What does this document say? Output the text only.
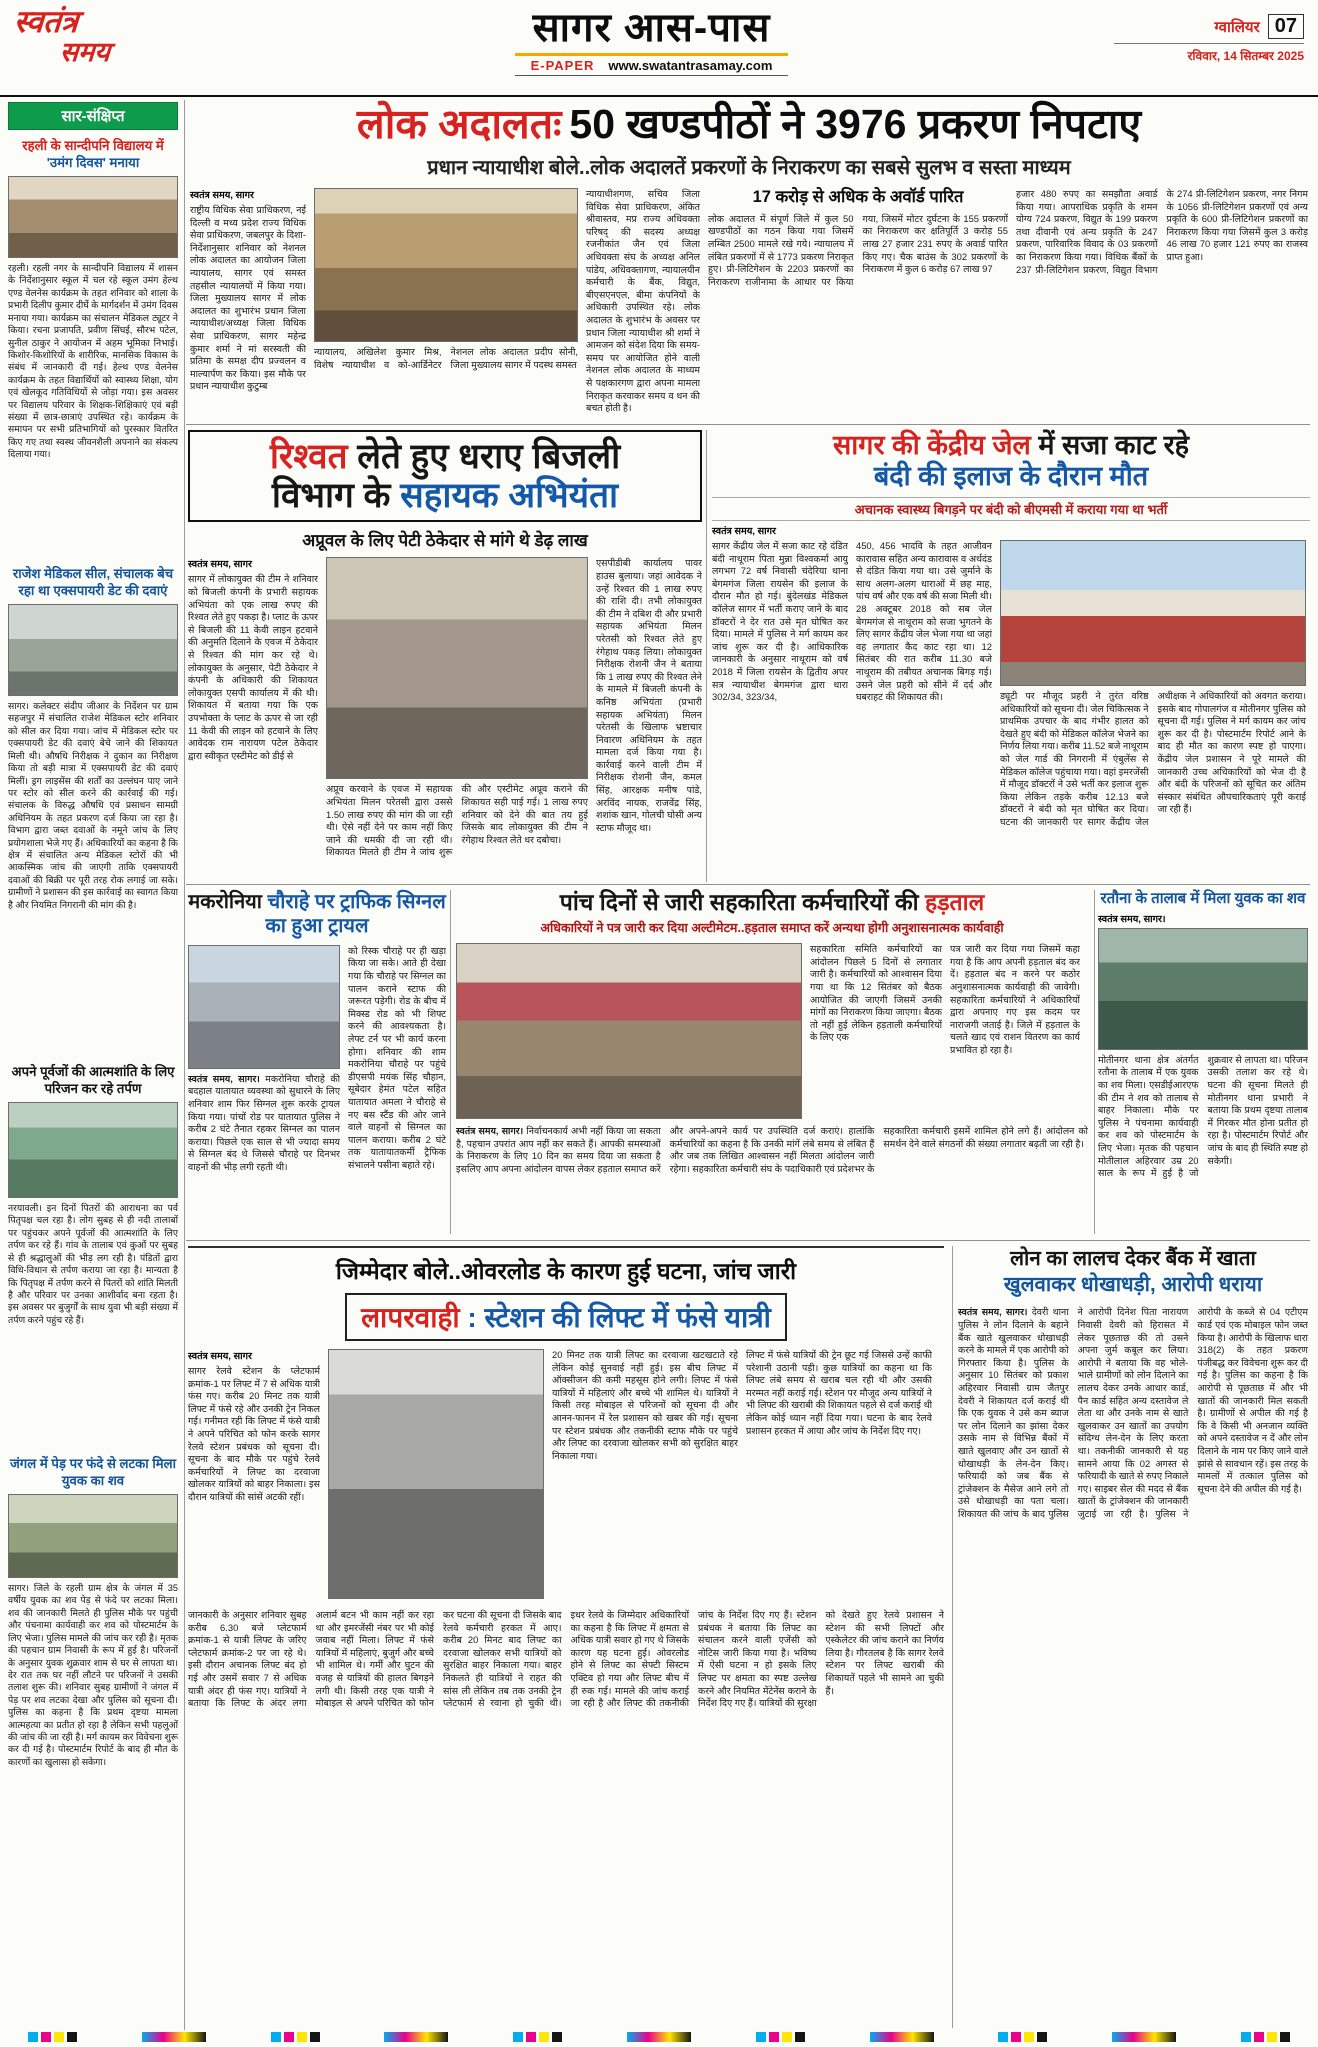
स्वतंत्र
समय
सागर आस-पास
E-PAPER www.swatantrasamay.com
ग्वालियर 07
रविवार, 14 सितम्बर 2025
सार-संक्षिप्त
रहली के सान्दीपनि विद्यालय में
'उमंग दिवस' मनाया
रहली। रहली नगर के सान्दीपनि विद्यालय में शासन के निर्देशानुसार स्कूल में चल रहे स्कूल उमंग हेल्थ एण्ड वेलनेस कार्यक्रम के तहत शनिवार को शाला के प्रभारी दिलीप कुमार दीर्घे के मार्गदर्शन में उमंग दिवस मनाया गया। कार्यक्रम का संचालन मेडिकल ट्यूटर ने किया। रचना प्रजापति, प्रवीण सिंघई, सौरभ पटेल, सुनील ठाकुर ने आयोजन में अहम भूमिका निभाई। किशोर-किशोरियों के शारीरिक, मानसिक विकास के संबंध में जानकारी दी गई। हेल्थ एण्ड वेलनेस कार्यक्रम के तहत विद्यार्थियों को स्वास्थ्य शिक्षा, योग एवं खेलकूद गतिविधियों से जोड़ा गया। इस अवसर पर विद्यालय परिवार के शिक्षक-शिक्षिकाएं एवं बड़ी संख्या में छात्र-छात्राएं उपस्थित रहे। कार्यक्रम के समापन पर सभी प्रतिभागियों को पुरस्कार वितरित किए गए तथा स्वस्थ जीवनशैली अपनाने का संकल्प दिलाया गया।
राजेश मेडिकल सील, संचालक बेच रहा था एक्सपायरी डेट की दवाएं
सागर। कलेक्टर संदीप जीआर के निर्देशन पर ग्राम सहजपुर में संचालित राजेश मेडिकल स्टोर शनिवार को सील कर दिया गया। जांच में मेडिकल स्टोर पर एक्सपायरी डेट की दवाएं बेचे जाने की शिकायत मिली थी। औषधि निरीक्षक ने दुकान का निरीक्षण किया तो बड़ी मात्रा में एक्सपायरी डेट की दवाएं मिलीं। ड्रग लाइसेंस की शर्तों का उल्लंघन पाए जाने पर स्टोर को सील करने की कार्रवाई की गई। संचालक के विरुद्ध औषधि एवं प्रसाधन सामग्री अधिनियम के तहत प्रकरण दर्ज किया जा रहा है। विभाग द्वारा जब्त दवाओं के नमूने जांच के लिए प्रयोगशाला भेजे गए हैं। अधिकारियों का कहना है कि क्षेत्र में संचालित अन्य मेडिकल स्टोरों की भी आकस्मिक जांच की जाएगी ताकि एक्सपायरी दवाओं की बिक्री पर पूरी तरह रोक लगाई जा सके। ग्रामीणों ने प्रशासन की इस कार्रवाई का स्वागत किया है और नियमित निगरानी की मांग की है।
अपने पूर्वजों की आत्मशांति के लिए परिजन कर रहे तर्पण
नरयावली। इन दिनों पितरों की आराधना का पर्व पितृपक्ष चल रहा है। लोग सुबह से ही नदी तालाबों पर पहुंचकर अपने पूर्वजों की आत्मशांति के लिए तर्पण कर रहे हैं। गांव के तालाब एवं कुओं पर सुबह से ही श्रद्धालुओं की भीड़ लग रही है। पंडितों द्वारा विधि-विधान से तर्पण कराया जा रहा है। मान्यता है कि पितृपक्ष में तर्पण करने से पितरों को शांति मिलती है और परिवार पर उनका आशीर्वाद बना रहता है। इस अवसर पर बुजुर्गों के साथ युवा भी बड़ी संख्या में तर्पण करने पहुंच रहे हैं।
जंगल में पेड़ पर फंदे से लटका मिला युवक का शव
सागर। जिले के रहली ग्राम क्षेत्र के जंगल में 35 वर्षीय युवक का शव पेड़ से फंदे पर लटका मिला। शव की जानकारी मिलते ही पुलिस मौके पर पहुंची और पंचनामा कार्यवाही कर शव को पोस्टमार्टम के लिए भेजा। पुलिस मामले की जांच कर रही है। मृतक की पहचान ग्राम निवासी के रूप में हुई है। परिजनों के अनुसार युवक शुक्रवार शाम से घर से लापता था। देर रात तक घर नहीं लौटने पर परिजनों ने उसकी तलाश शुरू की। शनिवार सुबह ग्रामीणों ने जंगल में पेड़ पर शव लटका देखा और पुलिस को सूचना दी। पुलिस का कहना है कि प्रथम दृष्टया मामला आत्महत्या का प्रतीत हो रहा है लेकिन सभी पहलुओं की जांच की जा रही है। मर्ग कायम कर विवेचना शुरू कर दी गई है। पोस्टमार्टम रिपोर्ट के बाद ही मौत के कारणों का खुलासा हो सकेगा।
लोक अदालतः 50 खण्डपीठों ने 3976 प्रकरण निपटाए
प्रधान न्यायाधीश बोले..लोक अदालतें प्रकरणों के निराकरण का सबसे सुलभ व सस्ता माध्यम
स्वतंत्र समय, सागर
राष्ट्रीय विधिक सेवा प्राधिकरण, नई दिल्ली व मध्य प्रदेश राज्य विधिक सेवा प्राधिकरण, जबलपुर के दिशा-निर्देशानुसार शनिवार को नेशनल लोक अदालत का आयोजन जिला न्यायालय, सागर एवं समस्त तहसील न्यायालयों में किया गया। जिला मुख्यालय सागर में लोक अदालत का शुभारंभ प्रधान जिला न्यायाधीश/अध्यक्ष जिला विधिक सेवा प्राधिकरण, सागर महेन्द्र कुमार शर्मा ने मां सरस्वती की प्रतिमा के समक्ष दीप प्रज्वलन व माल्यार्पण कर किया। इस मौके पर प्रधान न्यायाधीश कुटुम्ब
न्यायालय, अखिलेश कुमार मिश्र, विशेष न्यायाधीश व को-आर्डिनेटर नेशनल लोक अदालत प्रदीप सोनी, जिला मुख्यालय सागर में पदस्थ समस्त
न्यायाधीशगण, सचिव जिला विधिक सेवा प्राधिकरण, अंकित श्रीवास्तव, मप्र राज्य अधिवक्ता परिषद् की सदस्य अध्यक्ष रजनीकांत जैन एवं जिला अधिवक्ता संघ के अध्यक्ष अनिल पांडेय, अधिवक्तागण, न्यायालयीन कर्मचारी के बैंक, विद्युत, बीएसएनएल, बीमा कंपनियों के अधिकारी उपस्थित रहे। लोक अदालत के शुभारंभ के अवसर पर प्रधान जिला न्यायाधीश श्री शर्मा ने आमजन को संदेश दिया कि समय-समय पर आयोजित होने वाली नेशनल लोक अदालत के माध्यम से पक्षकारगण द्वारा अपना मामला निराकृत करवाकर समय व धन की बचत होती है।
17 करोड़ से अधिक के अवॉर्ड पारित
लोक अदालत में संपूर्ण जिले में कुल 50 खण्डपीठों का गठन किया गया जिसमें लम्बित 2500 मामले रखे गये। न्यायालय में लंबित प्रकरणों में से 1773 प्रकरण निराकृत हुए। प्री-लिटिगेशन के 2203 प्रकरणों का निराकरण राजीनामा के आधार पर किया गया, जिसमें मोटर दुर्घटना के 155 प्रकरणों का निराकरण कर क्षतिपूर्ति 3 करोड़ 55 लाख 27 हजार 231 रुपए के अवार्ड पारित किए गए। चैक बाउंस के 302 प्रकरणों के निराकरण में कुल 6 करोड़ 67 लाख 97
हजार 480 रुपए का समझौता अवार्ड किया गया। आपराधिक प्रकृति के शमन योग्य 724 प्रकरण, विद्युत के 199 प्रकरण तथा दीवानी एवं अन्य प्रकृति के 247 प्रकरण, पारिवारिक विवाद के 03 प्रकरणों का निराकरण किया गया। विधिक बैंकों के 237 प्री-लिटिगेशन प्रकरण, विद्युत विभाग के 274 प्री-लिटिगेशन प्रकरण, नगर निगम के 1056 प्री-लिटिगेशन प्रकरणों एवं अन्य प्रकृति के 600 प्री-लिटिगेशन प्रकरणों का निराकरण किया गया जिसमें कुल 3 करोड़ 46 लाख 70 हजार 121 रुपए का राजस्व प्राप्त हुआ।
रिश्वत लेते हुए धराए बिजली
विभाग के सहायक अभियंता
अप्रूवल के लिए पेटी ठेकेदार से मांगे थे डेढ़ लाख
स्वतंत्र समय, सागर
सागर में लोकायुक्त की टीम ने शनिवार को बिजली कंपनी के प्रभारी सहायक अभियंता को एक लाख रुपए की रिश्वत लेते हुए पकड़ा है। प्लाट के ऊपर से बिजली की 11 केवी लाइन हटवाने की अनुमति दिलाने के एवज में ठेकेदार से रिश्वत की मांग कर रहे थे। लोकायुक्त के अनुसार, पेटी ठेकेदार ने कंपनी के अधिकारी की शिकायत लोकायुक्त एसपी कार्यालय में की थी। शिकायत में बताया गया कि एक उपभोक्ता के प्लाट के ऊपर से जा रही 11 केवी की लाइन को हटवाने के लिए आवेदक राम नारायण पटेल ठेकेदार द्वारा स्वीकृत एस्टीमेट को डीई से
अप्रूव करवाने के एवज में सहायक अभियंता मिलन परेतसी द्वारा उससे 1.50 लाख रुपए की मांग की जा रही थी। ऐसे नहीं देने पर काम नहीं किए जाने की धमकी दी जा रही थी। शिकायत मिलते ही टीम ने जांच शुरू की और एस्टीमेट अप्रूव कराने की शिकायत सही पाई गई। 1 लाख रुपए शनिवार को देने की बात तय हुई जिसके बाद लोकायुक्त की टीम ने रंगेहाथ रिश्वत लेते धर दबोचा।
एसपीडीबी कार्यालय पावर हाउस बुलाया। जहां आवेदक ने उन्हें रिश्वत की 1 लाख रुपए की राशि दी। तभी लोकायुक्त की टीम ने दबिश दी और प्रभारी सहायक अभियंता मिलन परेतसी को रिश्वत लेते हुए रंगेहाथ पकड़ लिया। लोकायुक्त निरीक्षक रोशनी जैन ने बताया कि 1 लाख रुपए की रिश्वत लेने के मामले में बिजली कंपनी के कनिष्ठ अभियंता (प्रभारी सहायक अभियंता) मिलन परेतसी के खिलाफ भ्रष्टाचार निवारण अधिनियम के तहत मामला दर्ज किया गया है। कार्रवाई करने वाली टीम में निरीक्षक रोशनी जैन, कमल सिंह, आरक्षक मनीष पांडे, अरविंद नायक, राजवेंद्र सिंह, शशांक खान, गोलची घोसी अन्य स्टाफ मौजूद था।
सागर की केंद्रीय जेल में सजा काट रहे
बंदी की इलाज के दौरान मौत
अचानक स्वास्थ्य बिगड़ने पर बंदी को बीएमसी में कराया गया था भर्ती
स्वतंत्र समय, सागर
सागर केंद्रीय जेल में सजा काट रहे दंडित बंदी नाथूराम पिता मुन्ना विश्वकर्मा आयु लगभग 72 वर्ष निवासी चंदेरिया थाना बेगमगंज जिला रायसेन की इलाज के दौरान मौत हो गई। बुंदेलखंड मेडिकल कॉलेज सागर में भर्ती कराए जाने के बाद डॉक्टरों ने देर रात उसे मृत घोषित कर दिया। मामले में पुलिस ने मर्ग कायम कर जांच शुरू कर दी है। आधिकारिक जानकारी के अनुसार नाथूराम को वर्ष 2018 में जिला रायसेन के द्वितीय अपर सत्र न्यायाधीश बेगमगंज द्वारा धारा 302/34, 323/34,
450, 456 भादवि के तहत आजीवन कारावास सहित अन्य कारावास व अर्थदंड से दंडित किया गया था। उसे जुर्माने के साथ अलग-अलग धाराओं में छह माह, पांच वर्ष और एक वर्ष की सजा मिली थी। 28 अक्टूबर 2018 को सब जेल बेगमगंज से नाथूराम को सजा भुगतने के लिए सागर केंद्रीय जेल भेजा गया था जहां वह लगातार कैद काट रहा था। 12 सितंबर की रात करीब 11.30 बजे नाथूराम की तबीयत अचानक बिगड़ गई। उसने जेल प्रहरी को सीने में दर्द और घबराहट की शिकायत की।	ड्यूटी पर मौजूद प्रहरी ने तुरंत वरिष्ठ अधिकारियों को सूचना दी। जेल चिकित्सक ने प्राथमिक उपचार के बाद गंभीर हालत को देखते हुए बंदी को मेडिकल कॉलेज भेजने का निर्णय लिया गया। करीब 11.52 बजे नाथूराम को जेल गार्ड की निगरानी में एंबुलेंस से मेडिकल कॉलेज पहुंचाया गया। वहां इमरजेंसी में मौजूद डॉक्टरों ने उसे भर्ती कर इलाज शुरू किया लेकिन तड़के करीब 12.13 बजे डॉक्टरों ने बंदी को मृत घोषित कर दिया। घटना की जानकारी पर सागर केंद्रीय जेल अधीक्षक ने अधिकारियों को अवगत कराया। इसके बाद गोपालगंज व मोतीनगर पुलिस को सूचना दी गई। पुलिस ने मर्ग कायम कर जांच शुरू कर दी है। पोस्टमार्टम रिपोर्ट आने के बाद ही मौत का कारण स्पष्ट हो पाएगा। केंद्रीय जेल प्रशासन ने पूरे मामले की जानकारी उच्च अधिकारियों को भेज दी है और बंदी के परिजनों को सूचित कर अंतिम संस्कार संबंधित औपचारिकताएं पूरी कराई जा रही हैं।
मकरोनिया चौराहे पर ट्राफिक सिग्नल का हुआ ट्रायल
स्वतंत्र समय, सागर। मकरोनिया चौराहे की बदहाल यातायात व्यवस्था को सुधारने के लिए शनिवार शाम फिर सिग्नल शुरू करके ट्रायल किया गया। पांचों रोड पर यातायात पुलिस ने करीब 2 घंटे तैनात रहकर सिग्नल का पालन कराया। पिछले एक साल से भी ज्यादा समय से सिग्नल बंद थे जिससे चौराहे पर दिनभर वाहनों की भीड़ लगी रहती थी।
को रिस्क चौराहे पर ही खड़ा किया जा सके। आते ही देखा गया कि चौराहे पर सिग्नल का पालन कराने स्टाफ की जरूरत पड़ेगी। रोड के बीच में मिक्स्ड रोड को भी शिफ्ट करने की आवश्यकता है। लेफ्ट टर्न पर भी कार्य करना होगा। शनिवार की शाम मकरोनिया चौराहे पर पहुंचे डीएसपी मयंक सिंह चौहान, सूबेदार हेमंत पटेल सहित यातायात अमला ने चौराहे से नए बस स्टैंड की ओर जाने वाले वाहनों से सिग्नल का पालन कराया। करीब 2 घंटे तक यातायातकर्मी ट्रैफिक संभालने पसीना बहाते रहे।
पांच दिनों से जारी सहकारिता कर्मचारियों की हड़ताल
अधिकारियों ने पत्र जारी कर दिया अल्टीमेटम..हड़ताल समाप्त करें अन्यथा होगी अनुशासनात्मक कार्यवाही
सहकारिता समिति कर्मचारियों का आंदोलन पिछले 5 दिनों से लगातार जारी है। कर्मचारियों को आश्वासन दिया गया था कि 12 सितंबर को बैठक आयोजित की जाएगी जिसमें उनकी मांगों का निराकरण किया जाएगा। बैठक तो नहीं हुई लेकिन हड़ताली कर्मचारियों के लिए एक
पत्र जारी कर दिया गया जिसमें कहा गया है कि आप अपनी हड़ताल बंद कर दें। हड़ताल बंद न करने पर कठोर अनुशासनात्मक कार्यवाही की जावेगी। सहकारिता कर्मचारियों ने अधिकारियों द्वारा अपनाए गए इस कदम पर नाराजगी जताई है। जिले में हड़ताल के चलते खाद एवं राशन वितरण का कार्य प्रभावित हो रहा है।
स्वतंत्र समय, सागर। निर्वाचनकार्य अभी नहीं किया जा सकता है, पहचान उपरांत आप नहीं कर सकते हैं। आपकी समस्याओं के निराकरण के लिए 10 दिन का समय दिया जा सकता है इसलिए आप अपना आंदोलन वापस लेकर हड़ताल समाप्त करें और अपने-अपने कार्य पर उपस्थिति दर्ज कराएं। हालांकि कर्मचारियों का कहना है कि उनकी मांगें लंबे समय से लंबित हैं और जब तक लिखित आश्वासन नहीं मिलता आंदोलन जारी रहेगा। सहकारिता कर्मचारी संघ के पदाधिकारी एवं प्रदेशभर के सहकारिता कर्मचारी इसमें शामिल होने लगे हैं। आंदोलन को समर्थन देने वाले संगठनों की संख्या लगातार बढ़ती जा रही है।
रतौना के तालाब में मिला युवक का शव
स्वतंत्र समय, सागर।
मोतीनगर थाना क्षेत्र अंतर्गत रतौना के तालाब में एक युवक का शव मिला। एसडीईआरएफ की टीम ने शव को तालाब से बाहर निकाला। मौके पर पुलिस ने पंचनामा कार्यवाही कर शव को पोस्टमार्टम के लिए भेजा। मृतक की पहचान मोतीलाल अहिरवार उम्र 20 साल के रूप में हुई है जो शुक्रवार से लापता था। परिजन उसकी तलाश कर रहे थे। घटना की सूचना मिलते ही मोतीनगर थाना प्रभारी ने बताया कि प्रथम दृष्टया तालाब में गिरकर मौत होना प्रतीत हो रहा है। पोस्टमार्टम रिपोर्ट और जांच के बाद ही स्थिति स्पष्ट हो सकेगी।
जिम्मेदार बोले..ओवरलोड के कारण हुई घटना, जांच जारी
लापरवाही : स्टेशन की लिफ्ट में फंसे यात्री
स्वतंत्र समय, सागर
सागर रेलवे स्टेशन के प्लेटफार्म क्रमांक-1 पर लिफ्ट में 7 से अधिक यात्री फंस गए। करीब 20 मिनट तक यात्री लिफ्ट में फंसे रहे और उनकी ट्रेन निकल गई। गनीमत रही कि लिफ्ट में फंसे यात्री ने अपने परिचित को फोन करके सागर रेलवे स्टेशन प्रबंधक को सूचना दी। सूचना के बाद मौके पर पहुंचे रेलवे कर्मचारियों ने लिफ्ट का दरवाजा खोलकर यात्रियों को बाहर निकाला। इस दौरान यात्रियों की सांसें अटकी रहीं।
20 मिनट तक यात्री लिफ्ट का दरवाजा खटखटाते रहे लेकिन कोई सुनवाई नहीं हुई। इस बीच लिफ्ट में ऑक्सीजन की कमी महसूस होने लगी। लिफ्ट में फंसे यात्रियों में महिलाएं और बच्चे भी शामिल थे। यात्रियों ने किसी तरह मोबाइल से परिजनों को सूचना दी और आनन-फानन में रेल प्रशासन को खबर की गई। सूचना पर स्टेशन प्रबंधक और तकनीकी स्टाफ मौके पर पहुंचे और लिफ्ट का दरवाजा खोलकर सभी को सुरक्षित बाहर निकाला गया।
लिफ्ट में फंसे यात्रियों की ट्रेन छूट गई जिससे उन्हें काफी परेशानी उठानी पड़ी। कुछ यात्रियों का कहना था कि लिफ्ट लंबे समय से खराब चल रही थी और उसकी मरम्मत नहीं कराई गई। स्टेशन पर मौजूद अन्य यात्रियों ने भी लिफ्ट की खराबी की शिकायत पहले से दर्ज कराई थी लेकिन कोई ध्यान नहीं दिया गया। घटना के बाद रेलवे प्रशासन हरकत में आया और जांच के निर्देश दिए गए।
जानकारी के अनुसार शनिवार सुबह करीब 6.30 बजे प्लेटफार्म क्रमांक-1 से यात्री लिफ्ट के जरिए प्लेटफार्म क्रमांक-2 पर जा रहे थे। इसी दौरान अचानक लिफ्ट बंद हो गई और उसमें सवार 7 से अधिक यात्री अंदर ही फंस गए। यात्रियों ने बताया कि लिफ्ट के अंदर लगा अलार्म बटन भी काम नहीं कर रहा था और इमरजेंसी नंबर पर भी कोई जवाब नहीं मिला। लिफ्ट में फंसे यात्रियों में महिलाएं, बुजुर्ग और बच्चे भी शामिल थे। गर्मी और घुटन की वजह से यात्रियों की हालत बिगड़ने लगी थी। किसी तरह एक यात्री ने मोबाइल से अपने परिचित को फोन कर घटना की सूचना दी जिसके बाद रेलवे कर्मचारी हरकत में आए। करीब 20 मिनट बाद लिफ्ट का दरवाजा खोलकर सभी यात्रियों को सुरक्षित बाहर निकाला गया। बाहर निकलते ही यात्रियों ने राहत की सांस ली लेकिन तब तक उनकी ट्रेन प्लेटफार्म से रवाना हो चुकी थी। इधर रेलवे के जिम्मेदार अधिकारियों का कहना है कि लिफ्ट में क्षमता से अधिक यात्री सवार हो गए थे जिसके कारण यह घटना हुई। ओवरलोड होने से लिफ्ट का सेफ्टी सिस्टम एक्टिव हो गया और लिफ्ट बीच में ही रुक गई। मामले की जांच कराई जा रही है और लिफ्ट की तकनीकी जांच के निर्देश दिए गए हैं। स्टेशन प्रबंधक ने बताया कि लिफ्ट का संचालन करने वाली एजेंसी को नोटिस जारी किया गया है। भविष्य में ऐसी घटना न हो इसके लिए लिफ्ट पर क्षमता का स्पष्ट उल्लेख करने और नियमित मेंटेनेंस कराने के निर्देश दिए गए हैं। यात्रियों की सुरक्षा को देखते हुए रेलवे प्रशासन ने स्टेशन की सभी लिफ्टों और एस्केलेटर की जांच कराने का निर्णय लिया है। गौरतलब है कि सागर रेलवे स्टेशन पर लिफ्ट खराबी की शिकायतें पहले भी सामने आ चुकी हैं।
लोन का लालच देकर बैंक में खाता
खुलवाकर धोखाधड़ी, आरोपी धराया
स्वतंत्र समय, सागर। देवरी थाना पुलिस ने लोन दिलाने के बहाने बैंक खाते खुलवाकर धोखाधड़ी करने के मामले में एक आरोपी को गिरफ्तार किया है। पुलिस के अनुसार 10 सितंबर को प्रकाश अहिरवार निवासी ग्राम जैतपुर देवरी ने शिकायत दर्ज कराई थी कि एक युवक ने उसे कम ब्याज पर लोन दिलाने का झांसा देकर उसके नाम से विभिन्न बैंकों में खाते खुलवाए और उन खातों से धोखाधड़ी के लेन-देन किए। फरियादी को जब बैंक से ट्रांजेक्शन के मैसेज आने लगे तो उसे धोखाधड़ी का पता चला। शिकायत की जांच के बाद पुलिस ने आरोपी दिनेश पिता नारायण निवासी देवरी को हिरासत में लेकर पूछताछ की तो उसने अपना जुर्म कबूल कर लिया। आरोपी ने बताया कि वह भोले-भाले ग्रामीणों को लोन दिलाने का लालच देकर उनके आधार कार्ड, पैन कार्ड सहित अन्य दस्तावेज ले लेता था और उनके नाम से खाते खुलवाकर उन खातों का उपयोग संदिग्ध लेन-देन के लिए करता था। तकनीकी जानकारी से यह सामने आया कि 02 अगस्त से फरियादी के खाते से रुपए निकाले गए। साइबर सेल की मदद से बैंक खातों के ट्रांजेक्शन की जानकारी जुटाई जा रही है। पुलिस ने आरोपी के कब्जे से 04 एटीएम कार्ड एवं एक मोबाइल फोन जब्त किया है। आरोपी के खिलाफ धारा 318(2) के तहत प्रकरण पंजीबद्ध कर विवेचना शुरू कर दी गई है। पुलिस का कहना है कि आरोपी से पूछताछ में और भी खातों की जानकारी मिल सकती है। ग्रामीणों से अपील की गई है कि वे किसी भी अनजान व्यक्ति को अपने दस्तावेज न दें और लोन दिलाने के नाम पर किए जाने वाले झांसे से सावधान रहें। इस तरह के मामलों में तत्काल पुलिस को सूचना देने की अपील की गई है।
